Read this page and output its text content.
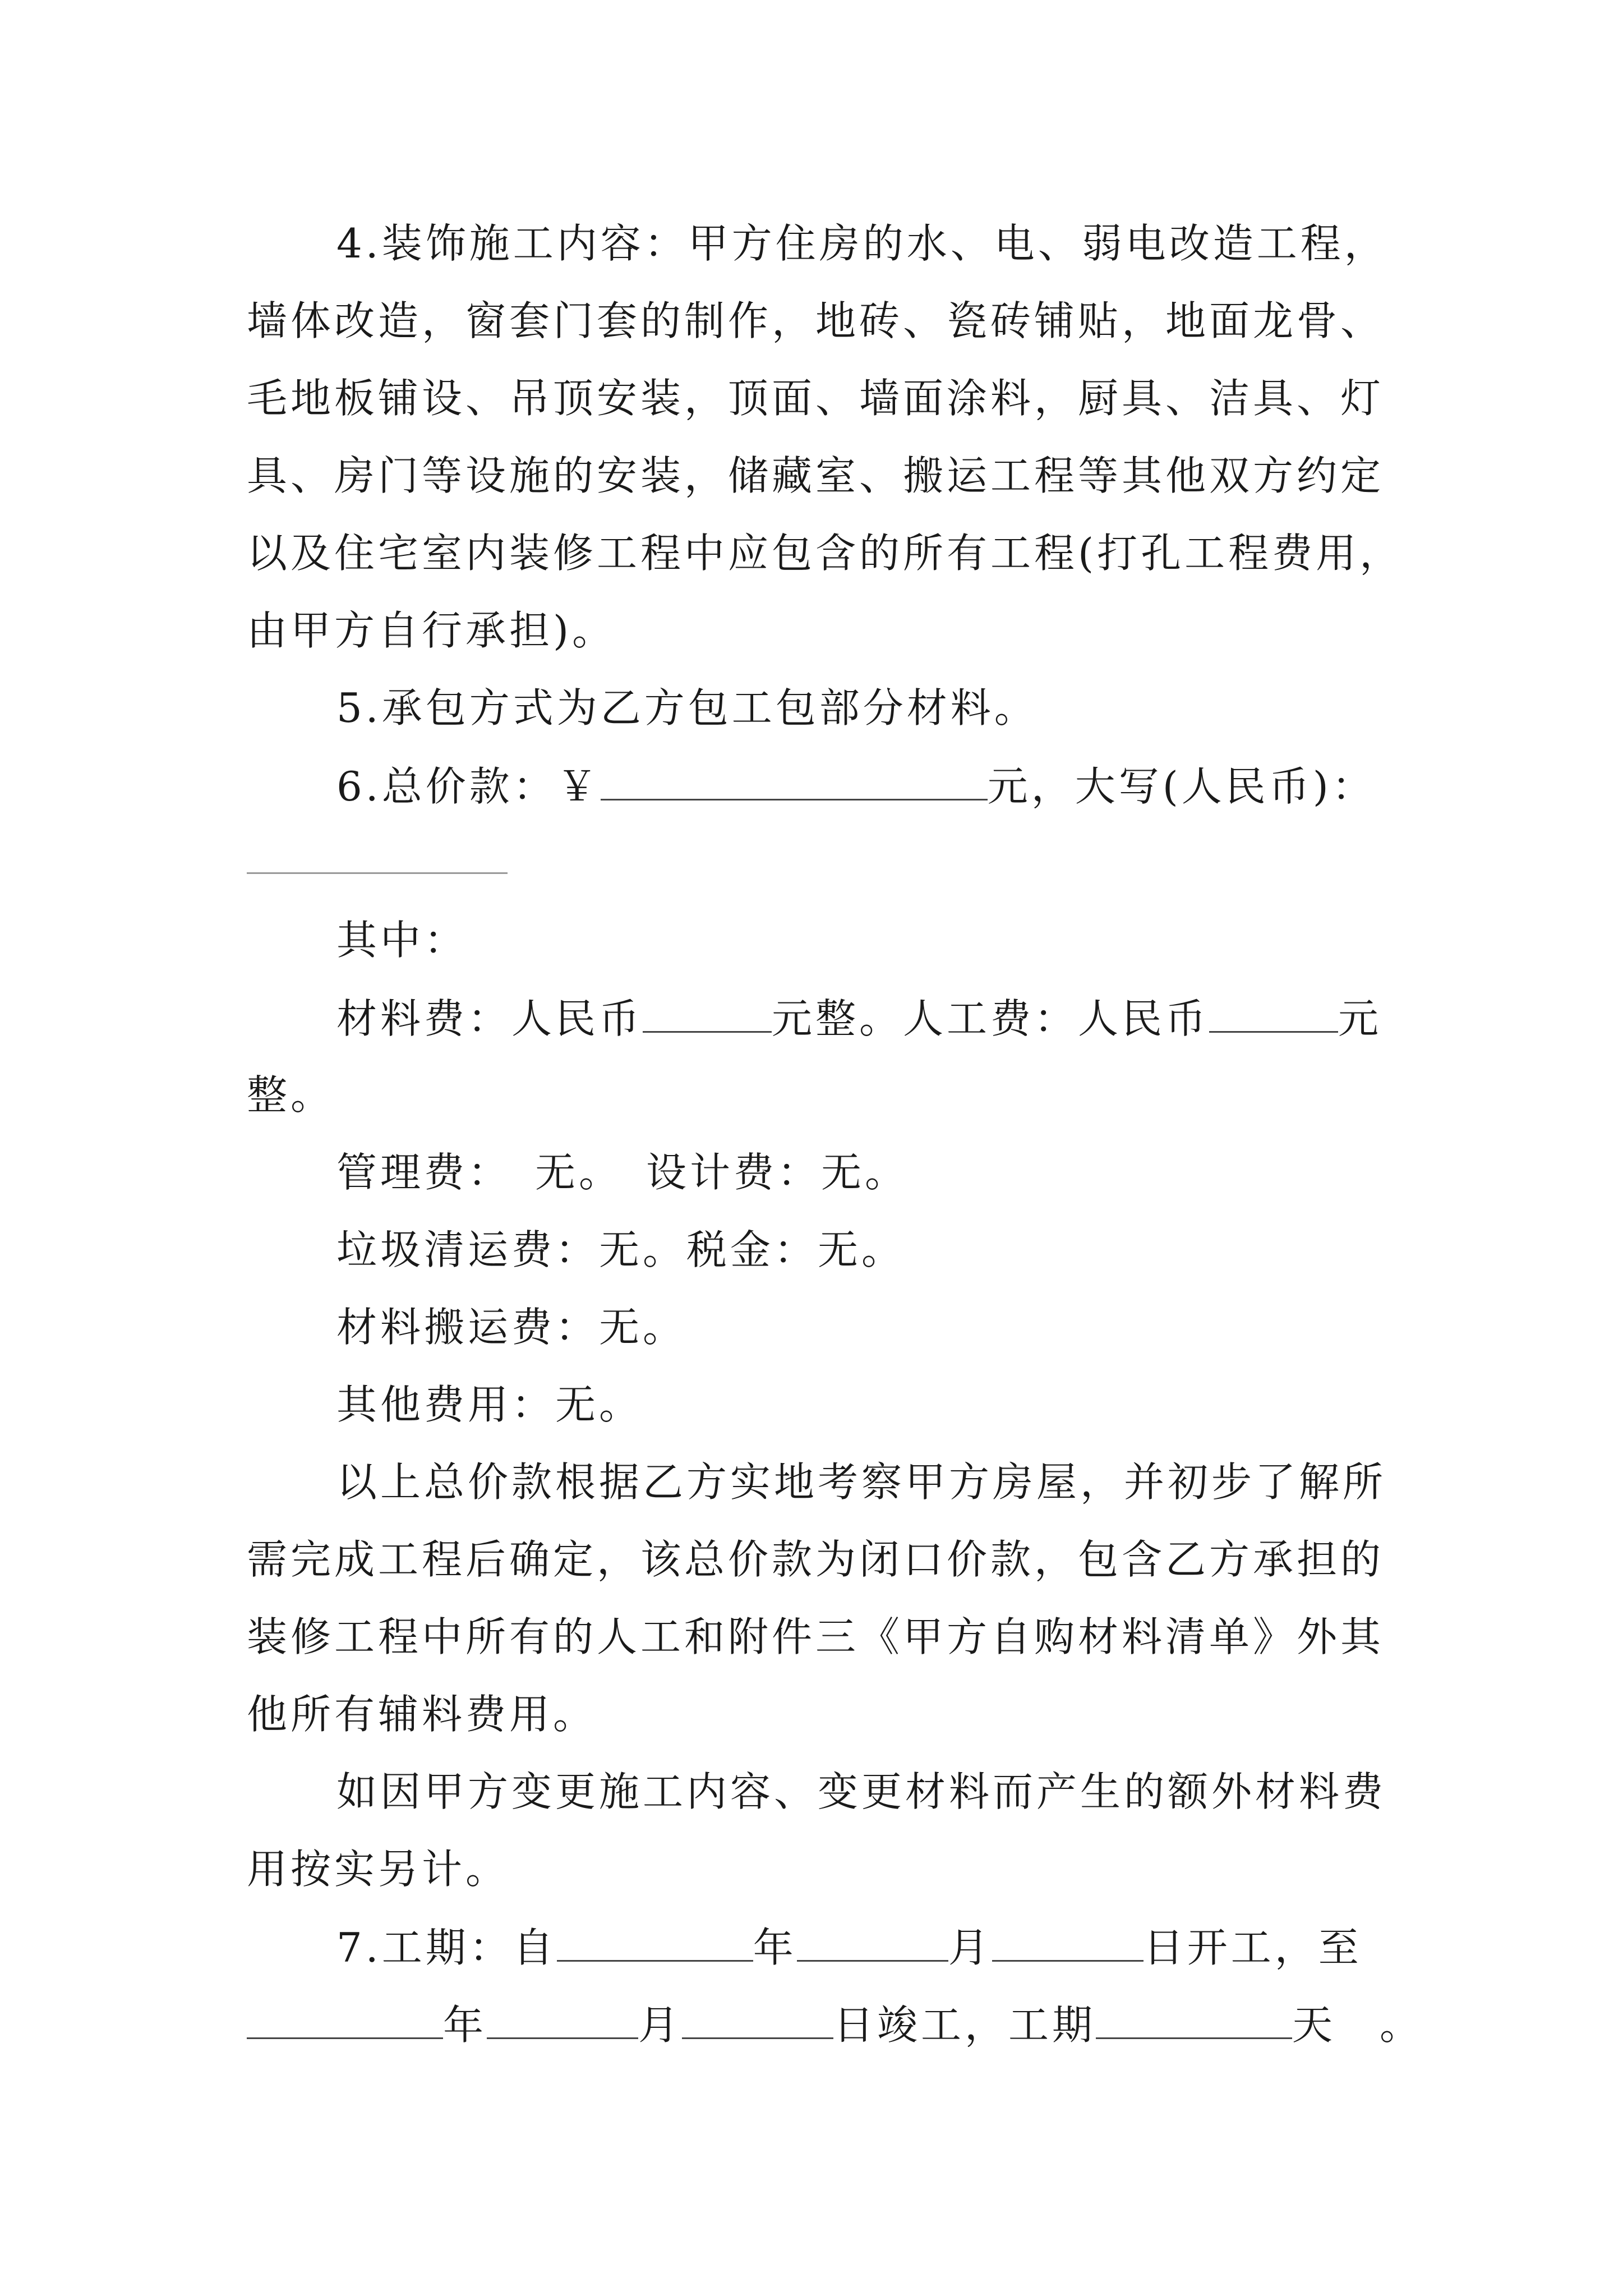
4.装饰施工内容：甲方住房的水、电、弱电改造工程，
墙体改造，窗套门套的制作，地砖、瓷砖铺贴，地面龙骨、
毛地板铺设、吊顶安装，顶面、墙面涂料，厨具、洁具、灯
具、房门等设施的安装，储藏室、搬运工程等其他双方约定
以及住宅室内装修工程中应包含的所有工程(打孔工程费用，
由甲方自行承担)。
5.承包方式为乙方包工包部分材料。
6.总价款：￥	元，大写(人民币)：
其中：
材料费：人民币	元整。人工费：人民币	元
整。
管理费：　无。　设计费：无。
垃圾清运费：无。税金：无。
材料搬运费：无。
其他费用：无。
以上总价款根据乙方实地考察甲方房屋，并初步了解所
需完成工程后确定，该总价款为闭口价款，包含乙方承担的
装修工程中所有的人工和附件三《甲方自购材料清单》外其
他所有辅料费用。
如因甲方变更施工内容、变更材料而产生的额外材料费
用按实另计。
7.工期：自	年	月	日开工，至
年	月	日竣工，工期	天　。
